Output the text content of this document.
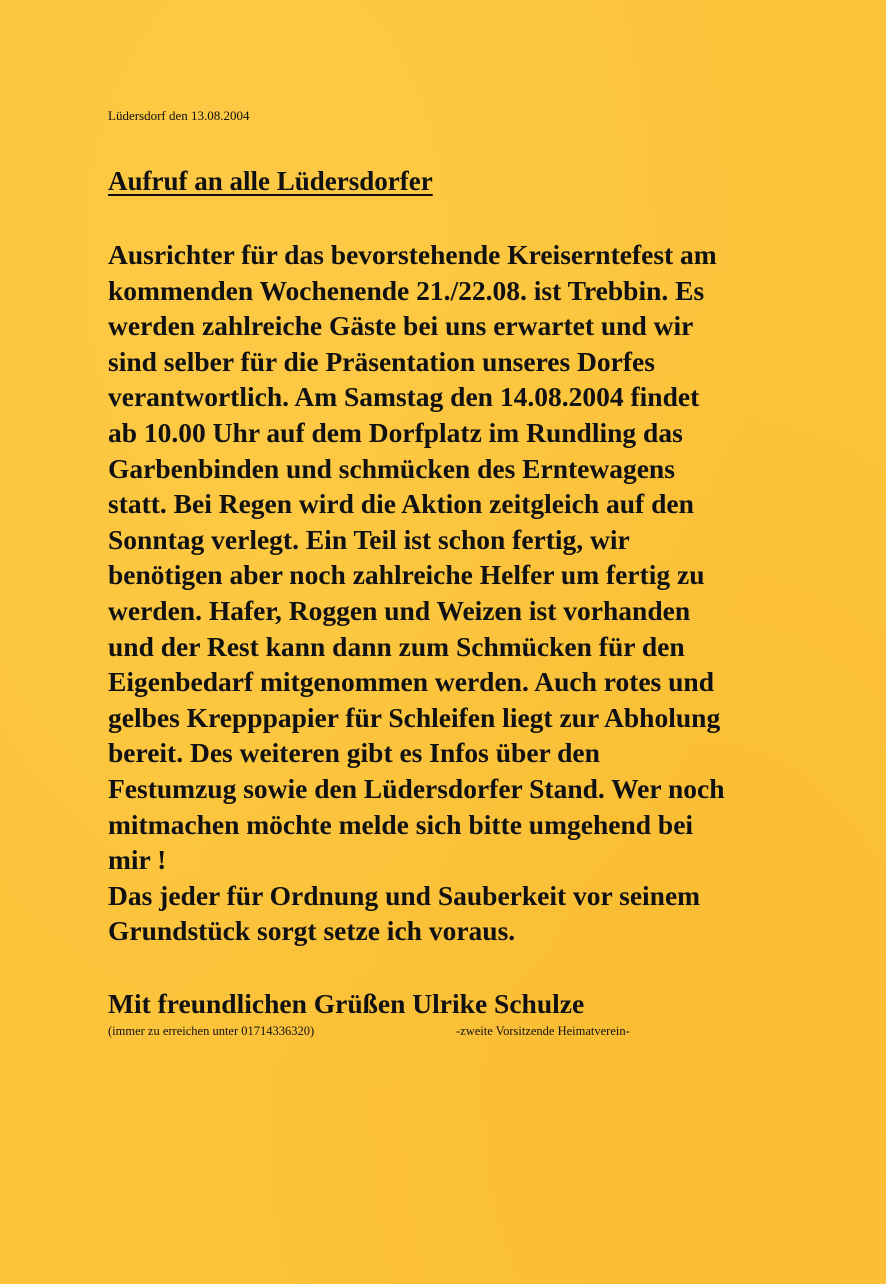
Lüdersdorf den 13.08.2004
Aufruf an alle Lüdersdorfer
Ausrichter für das bevorstehende Kreiserntefest am
kommenden Wochenende 21./22.08. ist Trebbin. Es
werden zahlreiche Gäste bei uns erwartet und wir
sind selber für die Präsentation unseres Dorfes
verantwortlich. Am Samstag den 14.08.2004 findet
ab 10.00 Uhr auf dem Dorfplatz im Rundling das
Garbenbinden und schmücken des Erntewagens
statt. Bei Regen wird die Aktion zeitgleich auf den
Sonntag verlegt. Ein Teil ist schon fertig, wir
benötigen aber noch zahlreiche Helfer um fertig zu
werden. Hafer, Roggen und Weizen ist vorhanden
und der Rest kann dann zum Schmücken für den
Eigenbedarf mitgenommen werden. Auch rotes und
gelbes Krepppapier für Schleifen liegt zur Abholung
bereit. Des weiteren gibt es Infos über den
Festumzug sowie den Lüdersdorfer Stand. Wer noch
mitmachen möchte melde sich bitte umgehend bei
mir !
Das jeder für Ordnung und Sauberkeit vor seinem
Grundstück sorgt setze ich voraus.
Mit freundlichen Grüßen Ulrike Schulze
(immer zu erreichen unter 01714336320)	-zweite Vorsitzende Heimatverein-
